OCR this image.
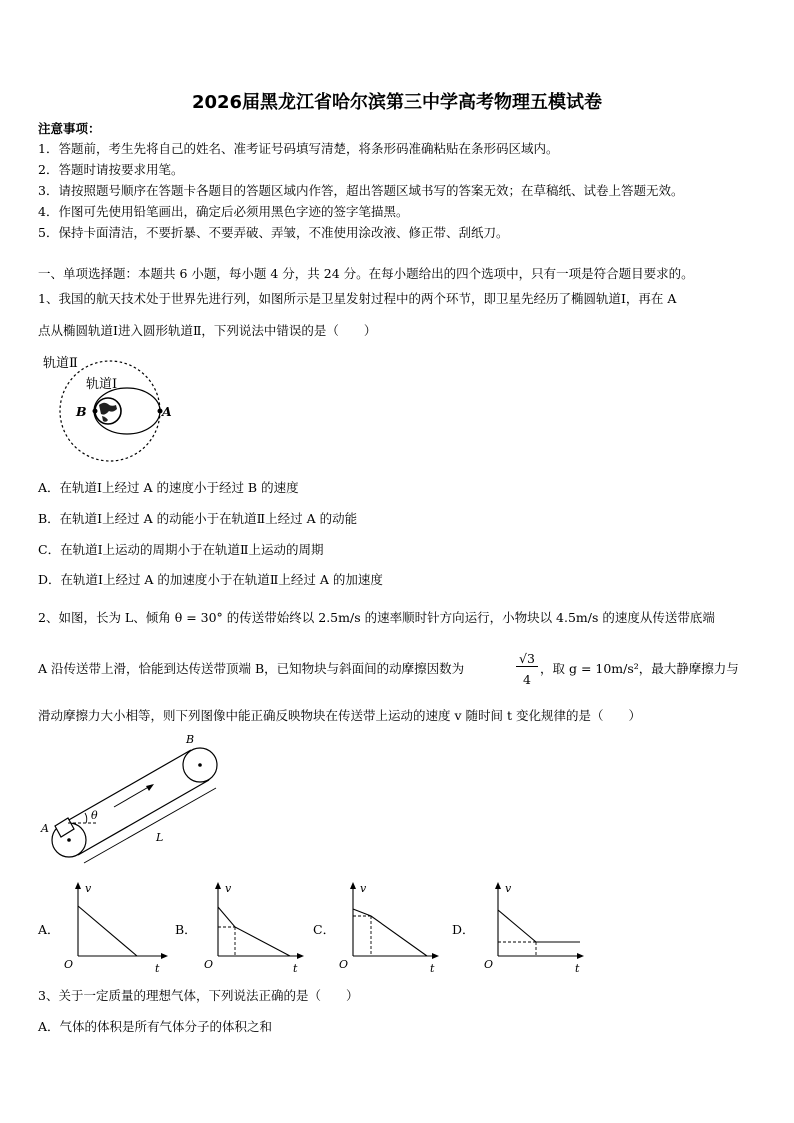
2026届黑龙江省哈尔滨第三中学高考物理五模试卷
注意事项：
1．答题前，考生先将自己的姓名、准考证号码填写清楚，将条形码准确粘贴在条形码区域内。
2．答题时请按要求用笔。
3．请按照题号顺序在答题卡各题目的答题区域内作答，超出答题区域书写的答案无效；在草稿纸、试卷上答题无效。
4．作图可先使用铅笔画出，确定后必须用黑色字迹的签字笔描黑。
5．保持卡面清洁，不要折暴、不要弄破、弄皱，不准使用涂改液、修正带、刮纸刀。
一、单项选择题：本题共 6 小题，每小题 4 分，共 24 分。在每小题给出的四个选项中，只有一项是符合题目要求的。
1、我国的航天技术处于世界先进行列，如图所示是卫星发射过程中的两个环节，即卫星先经历了椭圆轨道Ⅰ，再在 A
点从椭圆轨道Ⅰ进入圆形轨道Ⅱ，下列说法中错误的是（　　）
轨道Ⅱ
轨道Ⅰ
B	A
A．在轨道Ⅰ上经过 A 的速度小于经过 B 的速度
B．在轨道Ⅰ上经过 A 的动能小于在轨道Ⅱ上经过 A 的动能
C．在轨道Ⅰ上运动的周期小于在轨道Ⅱ上运动的周期
D．在轨道Ⅰ上经过 A 的加速度小于在轨道Ⅱ上经过 A 的加速度
2、如图，长为 L、倾角 θ = 30° 的传送带始终以 2.5m/s 的速率顺时针方向运行，小物块以 4.5m/s 的速度从传送带底端
A 沿传送带上滑，恰能到达传送带顶端 B，已知物块与斜面间的动摩擦因数为
√3
4
，取 g = 10m/s²，最大静摩擦力与
滑动摩擦力大小相等，则下列图像中能正确反映物块在传送带上运动的速度 v 随时间 t 变化规律的是（　　）
θ
L
A
B
A．
v
t
O
B．
v
t
O
C．
v
t
O
D．
v
t
O
3、关于一定质量的理想气体，下列说法正确的是（　　）
A．气体的体积是所有气体分子的体积之和
